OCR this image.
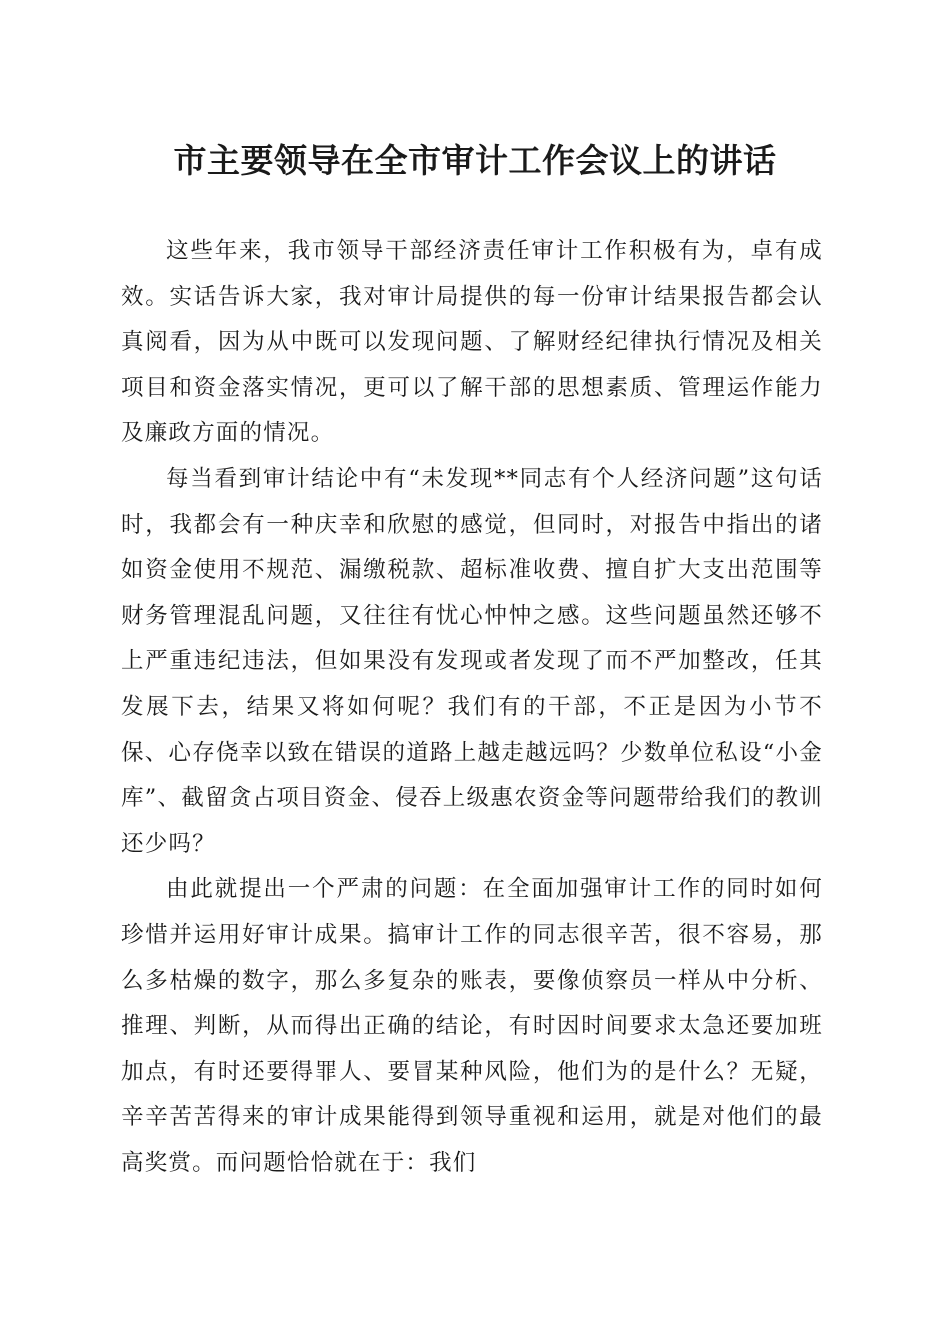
市主要领导在全市审计工作会议上的讲话

这些年来，我市领导干部经济责任审计工作积极有为，卓有成效。实话告诉大家，我对审计局提供的每一份审计结果报告都会认真阅看，因为从中既可以发现问题、了解财经纪律执行情况及相关项目和资金落实情况，更可以了解干部的思想素质、管理运作能力及廉政方面的情况。

每当看到审计结论中有“未发现**同志有个人经济问题”这句话时，我都会有一种庆幸和欣慰的感觉，但同时，对报告中指出的诸如资金使用不规范、漏缴税款、超标准收费、擅自扩大支出范围等财务管理混乱问题，又往往有忧心忡忡之感。这些问题虽然还够不上严重违纪违法，但如果没有发现或者发现了而不严加整改，任其发展下去，结果又将如何呢？我们有的干部，不正是因为小节不保、心存侥幸以致在错误的道路上越走越远吗？少数单位私设“小金库”、截留贪占项目资金、侵吞上级惠农资金等问题带给我们的教训还少吗？

由此就提出一个严肃的问题：在全面加强审计工作的同时如何珍惜并运用好审计成果。搞审计工作的同志很辛苦，很不容易，那么多枯燥的数字，那么多复杂的账表，要像侦察员一样从中分析、推理、判断，从而得出正确的结论，有时因时间要求太急还要加班加点，有时还要得罪人、要冒某种风险，他们为的是什么？无疑，辛辛苦苦得来的审计成果能得到领导重视和运用，就是对他们的最高奖赏。而问题恰恰就在于：我们
